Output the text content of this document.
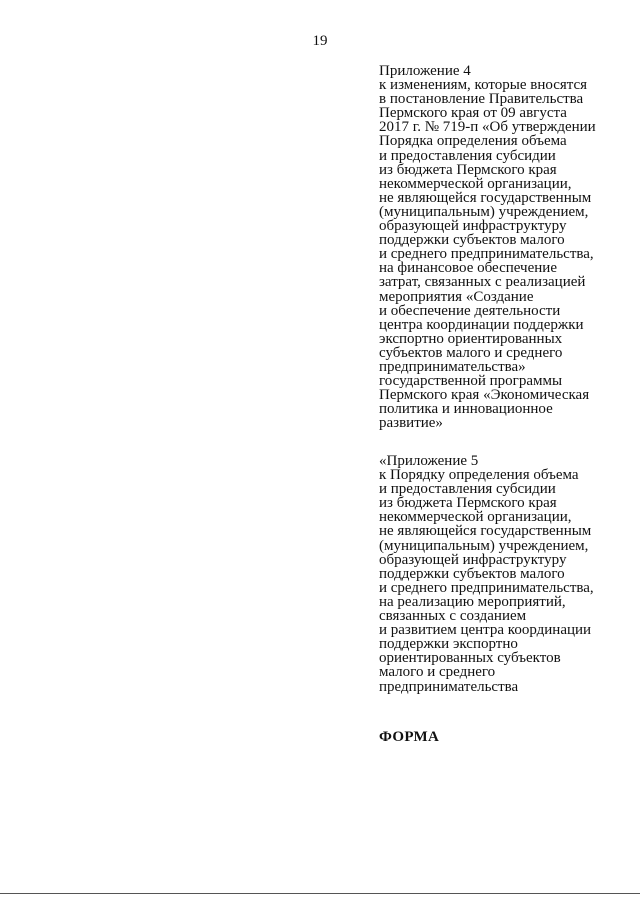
19
Приложение 4
к изменениям, которые вносятся
в постановление Правительства
Пермского края от 09 августа
2017 г. № 719-п «Об утверждении
Порядка определения объема
и предоставления субсидии
из бюджета Пермского края
некоммерческой организации,
не являющейся государственным
(муниципальным) учреждением,
образующей инфраструктуру
поддержки субъектов малого
и среднего предпринимательства,
на финансовое обеспечение
затрат, связанных с реализацией
мероприятия «Создание
и обеспечение деятельности
центра координации поддержки
экспортно ориентированных
субъектов малого и среднего
предпринимательства»
государственной программы
Пермского края «Экономическая
политика и инновационное
развитие»
«Приложение 5
к Порядку определения объема
и предоставления субсидии
из бюджета Пермского края
некоммерческой организации,
не являющейся государственным
(муниципальным) учреждением,
образующей инфраструктуру
поддержки субъектов малого
и среднего предпринимательства,
на реализацию мероприятий,
связанных с созданием
и развитием центра координации
поддержки экспортно
ориентированных субъектов
малого и среднего
предпринимательства
ФОРМА
